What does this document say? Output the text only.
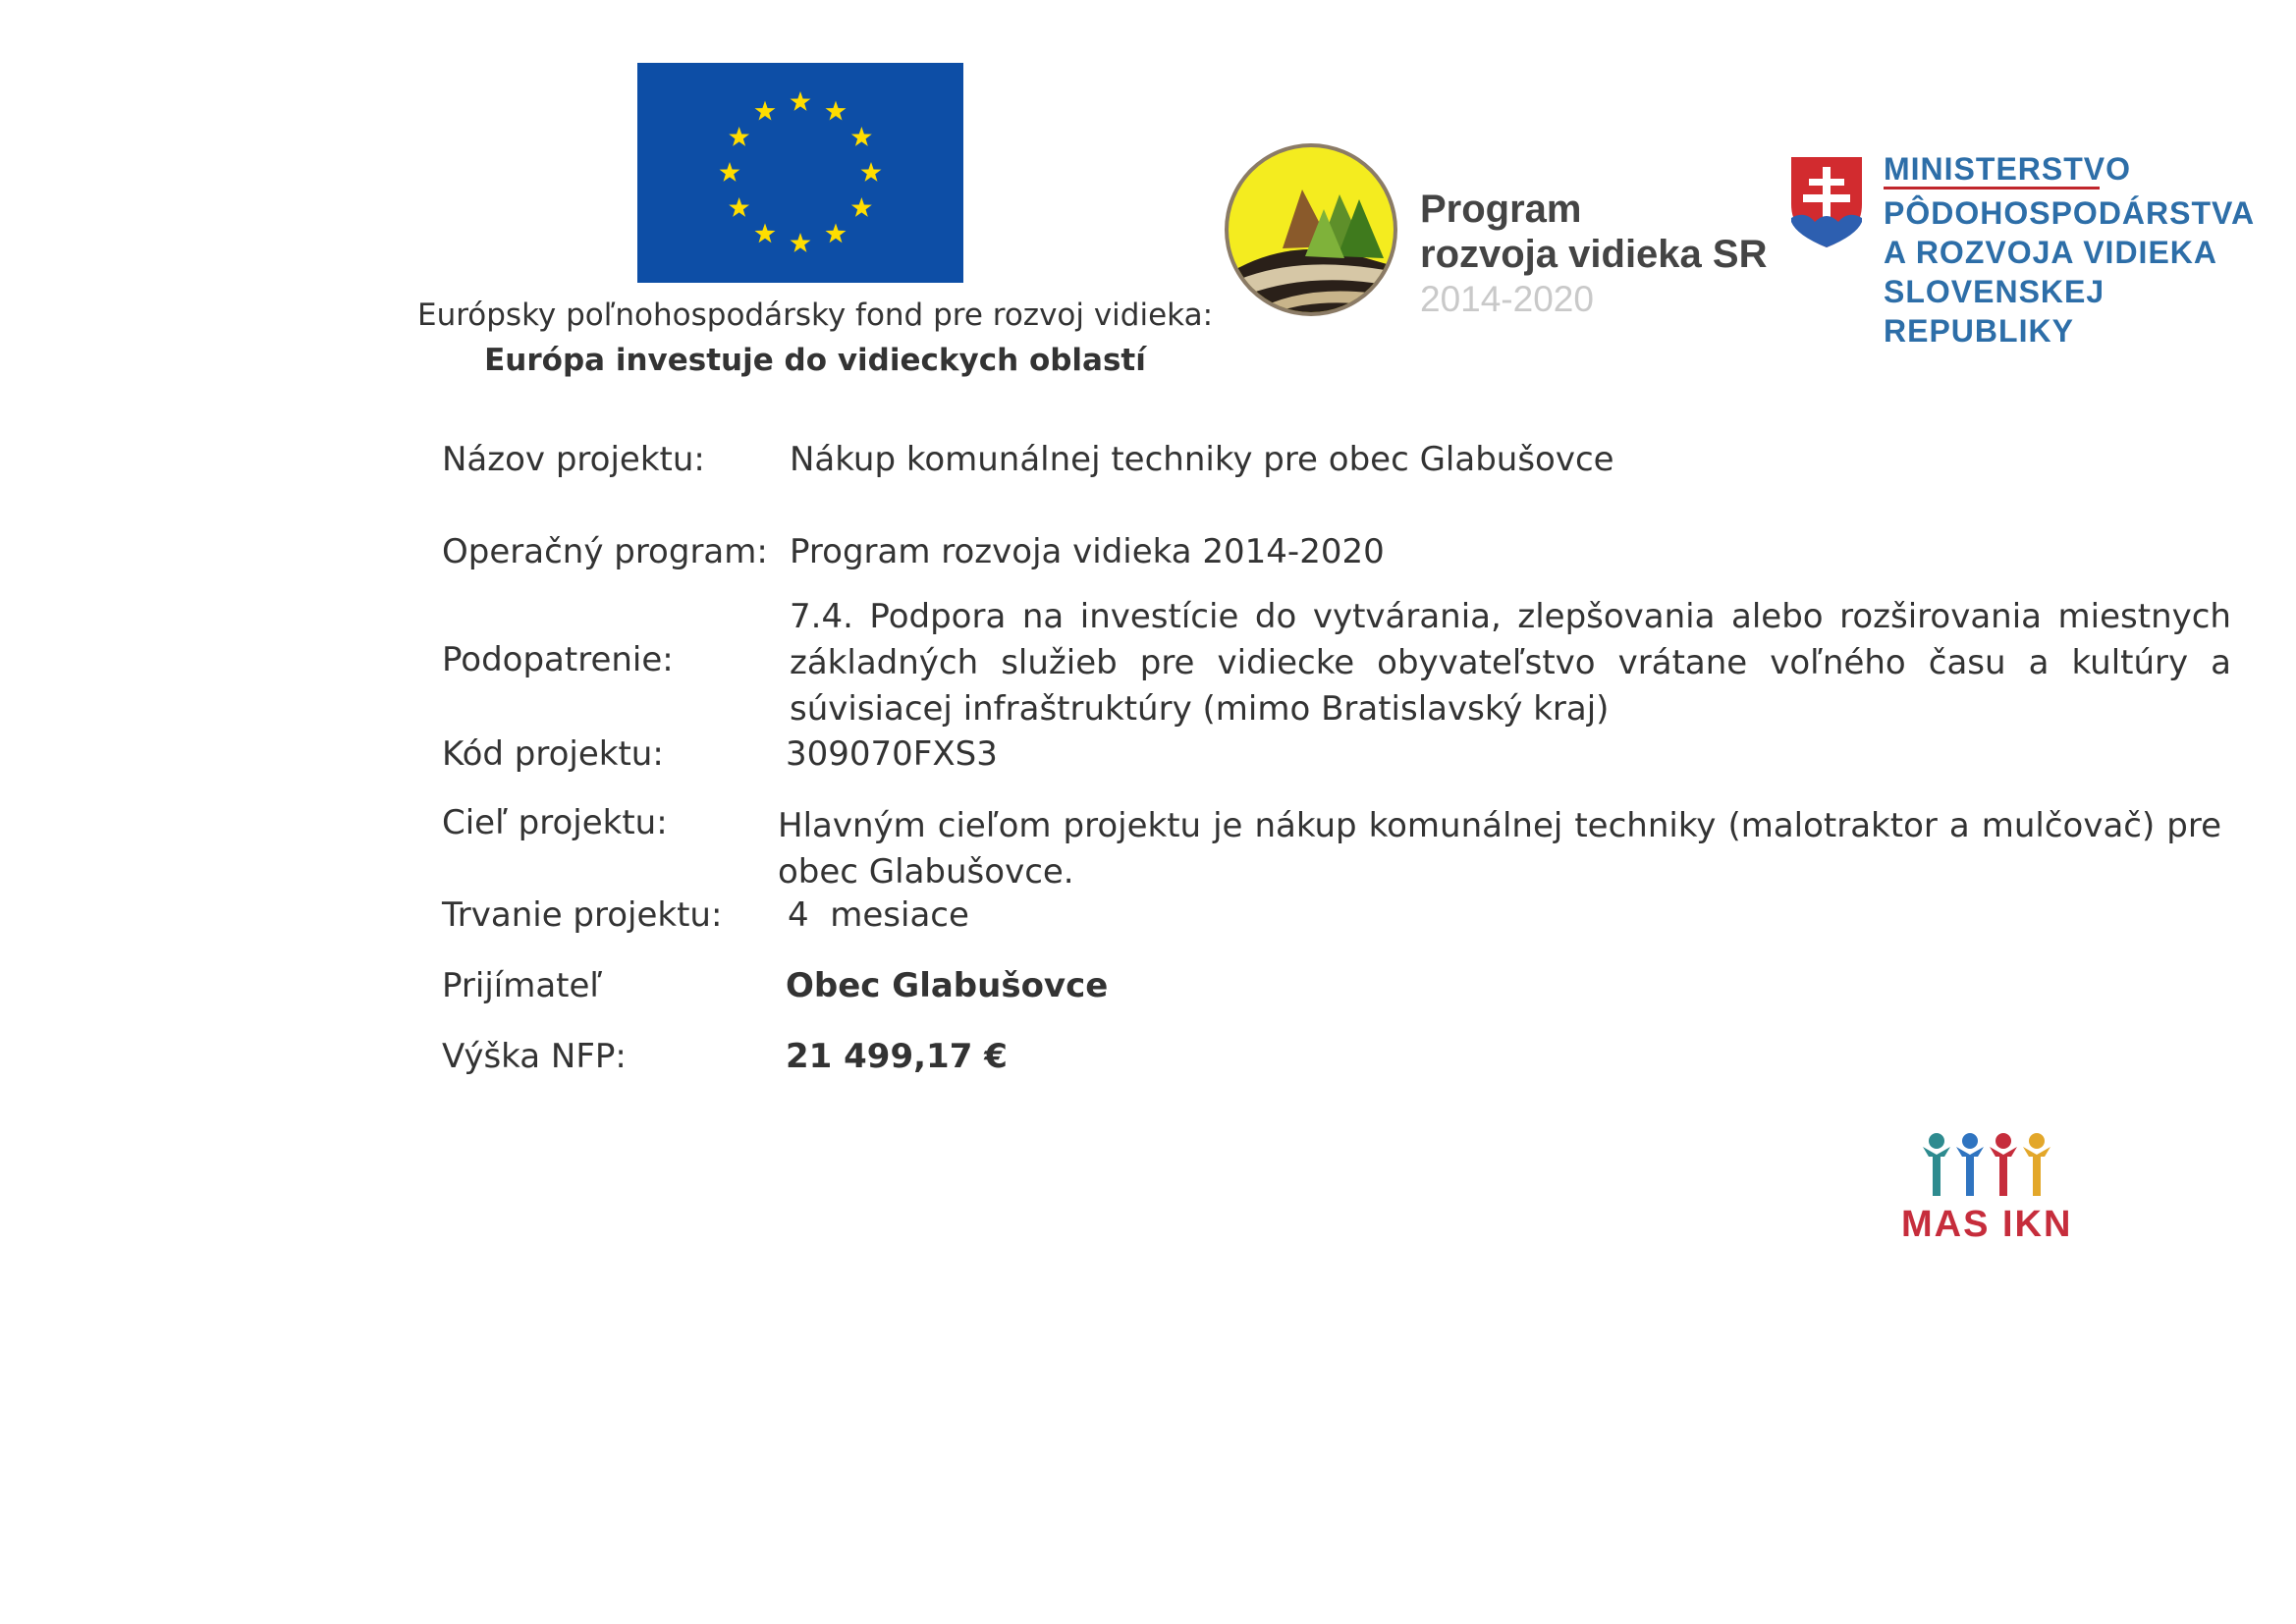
Európsky poľnohospodársky fond pre rozvoj vidieka:
Európa investuje do vidieckych oblastí
Program
rozvoja vidieka SR
2014-2020
MINISTERSTVO
PÔDOHOSPODÁRSTVA
A ROZVOJA VIDIEKA
SLOVENSKEJ REPUBLIKY
Názov projektu:	Nákup komunálnej techniky pre obec Glabušovce
Operačný program: Program rozvoja vidieka 2014-2020
Podopatrenie:
7.4. Podpora na investície do vytvárania, zlepšovania alebo rozširovania miestnych základných služieb pre vidiecke obyvateľstvo vrátane voľného času a kultúry a súvisiacej infraštruktúry (mimo Bratislavský kraj)
Kód projektu:	309070FXS3
Cieľ projektu:	Hlavným cieľom projektu je nákup komunálnej techniky (malotraktor a mulčovač) pre obec Glabušovce.
Trvanie projektu: 4  mesiace
Prijímateľ	Obec Glabušovce
Výška NFP:	21 499,17 €
MAS IKN
